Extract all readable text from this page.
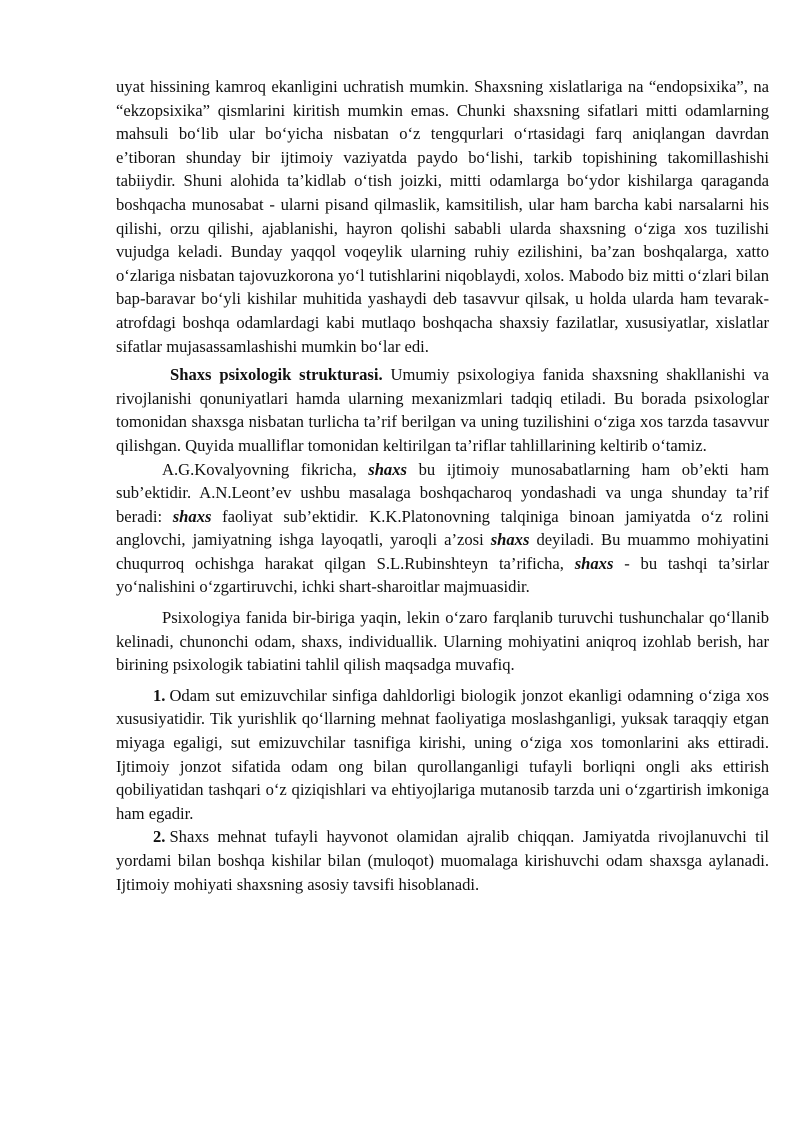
uyat hissining kamroq ekanligini uchratish mumkin. Shaxsning xislatlariga na “endopsixika”, na “ekzopsixika” qismlarini kiritish mumkin emas. Chunki shaxsning sifatlari mitti odamlarning mahsuli bo‘lib ular bo‘yicha nisbatan o‘z tengqurlari o‘rtasidagi farq aniqlangan davrdan e’tiboran shunday bir ijtimoiy vaziyatda paydo bo‘lishi, tarkib topishining takomillashishi tabiiydir. Shuni alohida ta’kidlab o‘tish joizki, mitti odamlarga bo‘ydor kishilarga qaraganda boshqacha munosabat - ularni pisand qilmaslik, kamsitilish, ular ham barcha kabi narsalarni his qilishi, orzu qilishi, ajablanishi, hayron qolishi sababli ularda shaxsning o‘ziga xos tuzilishi vujudga keladi. Bunday yaqqol voqeylik ularning ruhiy ezilishini, ba’zan boshqalarga, xatto o‘zlariga nisbatan tajovuzkorona yo‘l tutishlarini niqoblaydi, xolos. Mabodo biz mitti o‘zlari bilan bap-baravar bo‘yli kishilar muhitida yashaydi deb tasavvur qilsak, u holda ularda ham tevarak-atrofdagi boshqa odamlardagi kabi mutlaqo boshqacha shaxsiy fazilatlar, xususiyatlar, xislatlar sifatlar mujasassamlashishi mumkin bo‘lar edi.

Shaxs psixologik strukturasi. Umumiy psixologiya fanida shaxsning shakllanishi va rivojlanishi qonuniyatlari hamda ularning mexanizmlari tadqiq etiladi. Bu borada psixologlar tomonidan shaxsga nisbatan turlicha ta’rif berilgan va uning tuzilishini o‘ziga xos tarzda tasavvur qilishgan. Quyida mualliflar tomonidan keltirilgan ta’riflar tahlillarining keltirib o‘tamiz.

A.G.Kovalyovning fikricha, shaxs bu ijtimoiy munosabatlarning ham ob’ekti ham sub’ektidir. A.N.Leont’ev ushbu masalaga boshqacharoq yondashadi va unga shunday ta’rif beradi: shaxs faoliyat sub’ektidir. K.K.Platonovning talqiniga binoan jamiyatda o‘z rolini anglovchi, jamiyatning ishga layoqatli, yaroqli a’zosi shaxs deyiladi. Bu muammo mohiyatini chuqurroq ochishga harakat qilgan S.L.Rubinshteyn ta’rificha, shaxs - bu tashqi ta’sirlar yo‘nalishini o‘zgartiruvchi, ichki shart-sharoitlar majmuasidir.

Psixologiya fanida bir-biriga yaqin, lekin o‘zaro farqlanib turuvchi tushunchalar qo‘llanib kelinadi, chunonchi odam, shaxs, individuallik. Ularning mohiyatini aniqroq izohlab berish, har birining psixologik tabiatini tahlil qilish maqsadga muvafiq.

1. Odam sut emizuvchilar sinfiga dahldorligi biologik jonzot ekanligi odamning o‘ziga xos xususiyatidir. Tik yurishlik qo‘llarning mehnat faoliyatiga moslashganligi, yuksak taraqqiy etgan miyaga egaligi, sut emizuvchilar tasnifiga kirishi, uning o‘ziga xos tomonlarini aks ettiradi. Ijtimoiy jonzot sifatida odam ong bilan qurollanganligi tufayli borliqni ongli aks ettirish qobiliyatidan tashqari o‘z qiziqishlari va ehtiyojlariga mutanosib tarzda uni o‘zgartirish imkoniga ham egadir.

2. Shaxs mehnat tufayli hayvonot olamidan ajralib chiqqan. Jamiyatda rivojlanuvchi til yordami bilan boshqa kishilar bilan (muloqot) muomalaga kirishuvchi odam shaxsga aylanadi. Ijtimoiy mohiyati shaxsning asosiy tavsifi hisoblanadi.
